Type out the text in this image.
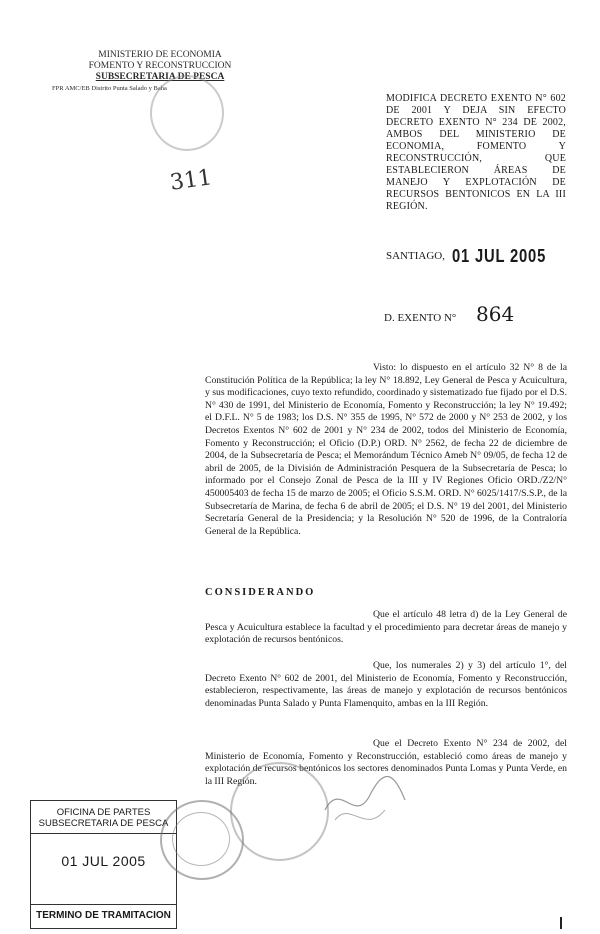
MINISTERIO DE ECONOMIA
FOMENTO Y RECONSTRUCCION
SUBSECRETARIA DE PESCA
FPR AMC/EB Distrito Punta Salado y Baha
311
MODIFICA DECRETO EXENTO N° 602 DE 2001 Y DEJA SIN EFECTO DECRETO EXENTO N° 234 DE 2002, AMBOS DEL MINISTERIO DE ECONOMIA, FOMENTO Y RECONSTRUCCIÓN, QUE ESTABLECIERON ÁREAS DE MANEJO Y EXPLOTACIÓN DE RECURSOS BENTONICOS EN LA III REGIÓN.
SANTIAGO, 01 JUL 2005
D. EXENTO N° 864
Visto: lo dispuesto en el artículo 32 N° 8 de la Constitución Política de la República; la ley N° 18.892, Ley General de Pesca y Acuicultura, y sus modificaciones, cuyo texto refundido, coordinado y sistematizado fue fijado por el D.S. N° 430 de 1991, del Ministerio de Economía, Fomento y Reconstrucción; la ley N° 19.492; el D.F.L. N° 5 de 1983; los D.S. N° 355 de 1995, N° 572 de 2000 y N° 253 de 2002, y los Decretos Exentos N° 602 de 2001 y N° 234 de 2002, todos del Ministerio de Economía, Fomento y Reconstrucción; el Oficio (D.P.) ORD. N° 2562, de fecha 22 de diciembre de 2004, de la Subsecretaría de Pesca; el Memorándum Técnico Ameb N° 09/05, de fecha 12 de abril de 2005, de la División de Administración Pesquera de la Subsecretaría de Pesca; lo informado por el Consejo Zonal de Pesca de la III y IV Regiones Oficio ORD./Z2/N° 450005403 de fecha 15 de marzo de 2005; el Oficio S.S.M. ORD. N° 6025/1417/S.S.P., de la Subsecretaría de Marina, de fecha 6 de abril de 2005; el D.S. N° 19 del 2001, del Ministerio Secretaría General de la Presidencia; y la Resolución N° 520 de 1996, de la Contraloría General de la República.
CONSIDERANDO
Que el artículo 48 letra d) de la Ley General de Pesca y Acuicultura establece la facultad y el procedimiento para decretar áreas de manejo y explotación de recursos bentónicos.
Que, los numerales 2) y 3) del artículo 1°, del Decreto Exento N° 602 de 2001, del Ministerio de Economía, Fomento y Reconstrucción, establecieron, respectivamente, las áreas de manejo y explotación de recursos bentónicos denominadas Punta Salado y Punta Flamenquito, ambas en la III Región.
Que el Decreto Exento N° 234 de 2002, del Ministerio de Economía, Fomento y Reconstrucción, estableció como áreas de manejo y explotación de recursos bentónicos los sectores denominados Punta Lomas y Punta Verde, en la III Región.
OFICINA DE PARTES
SUBSECRETARIA DE PESCA
01 JUL 2005
TERMINO DE TRAMITACION
